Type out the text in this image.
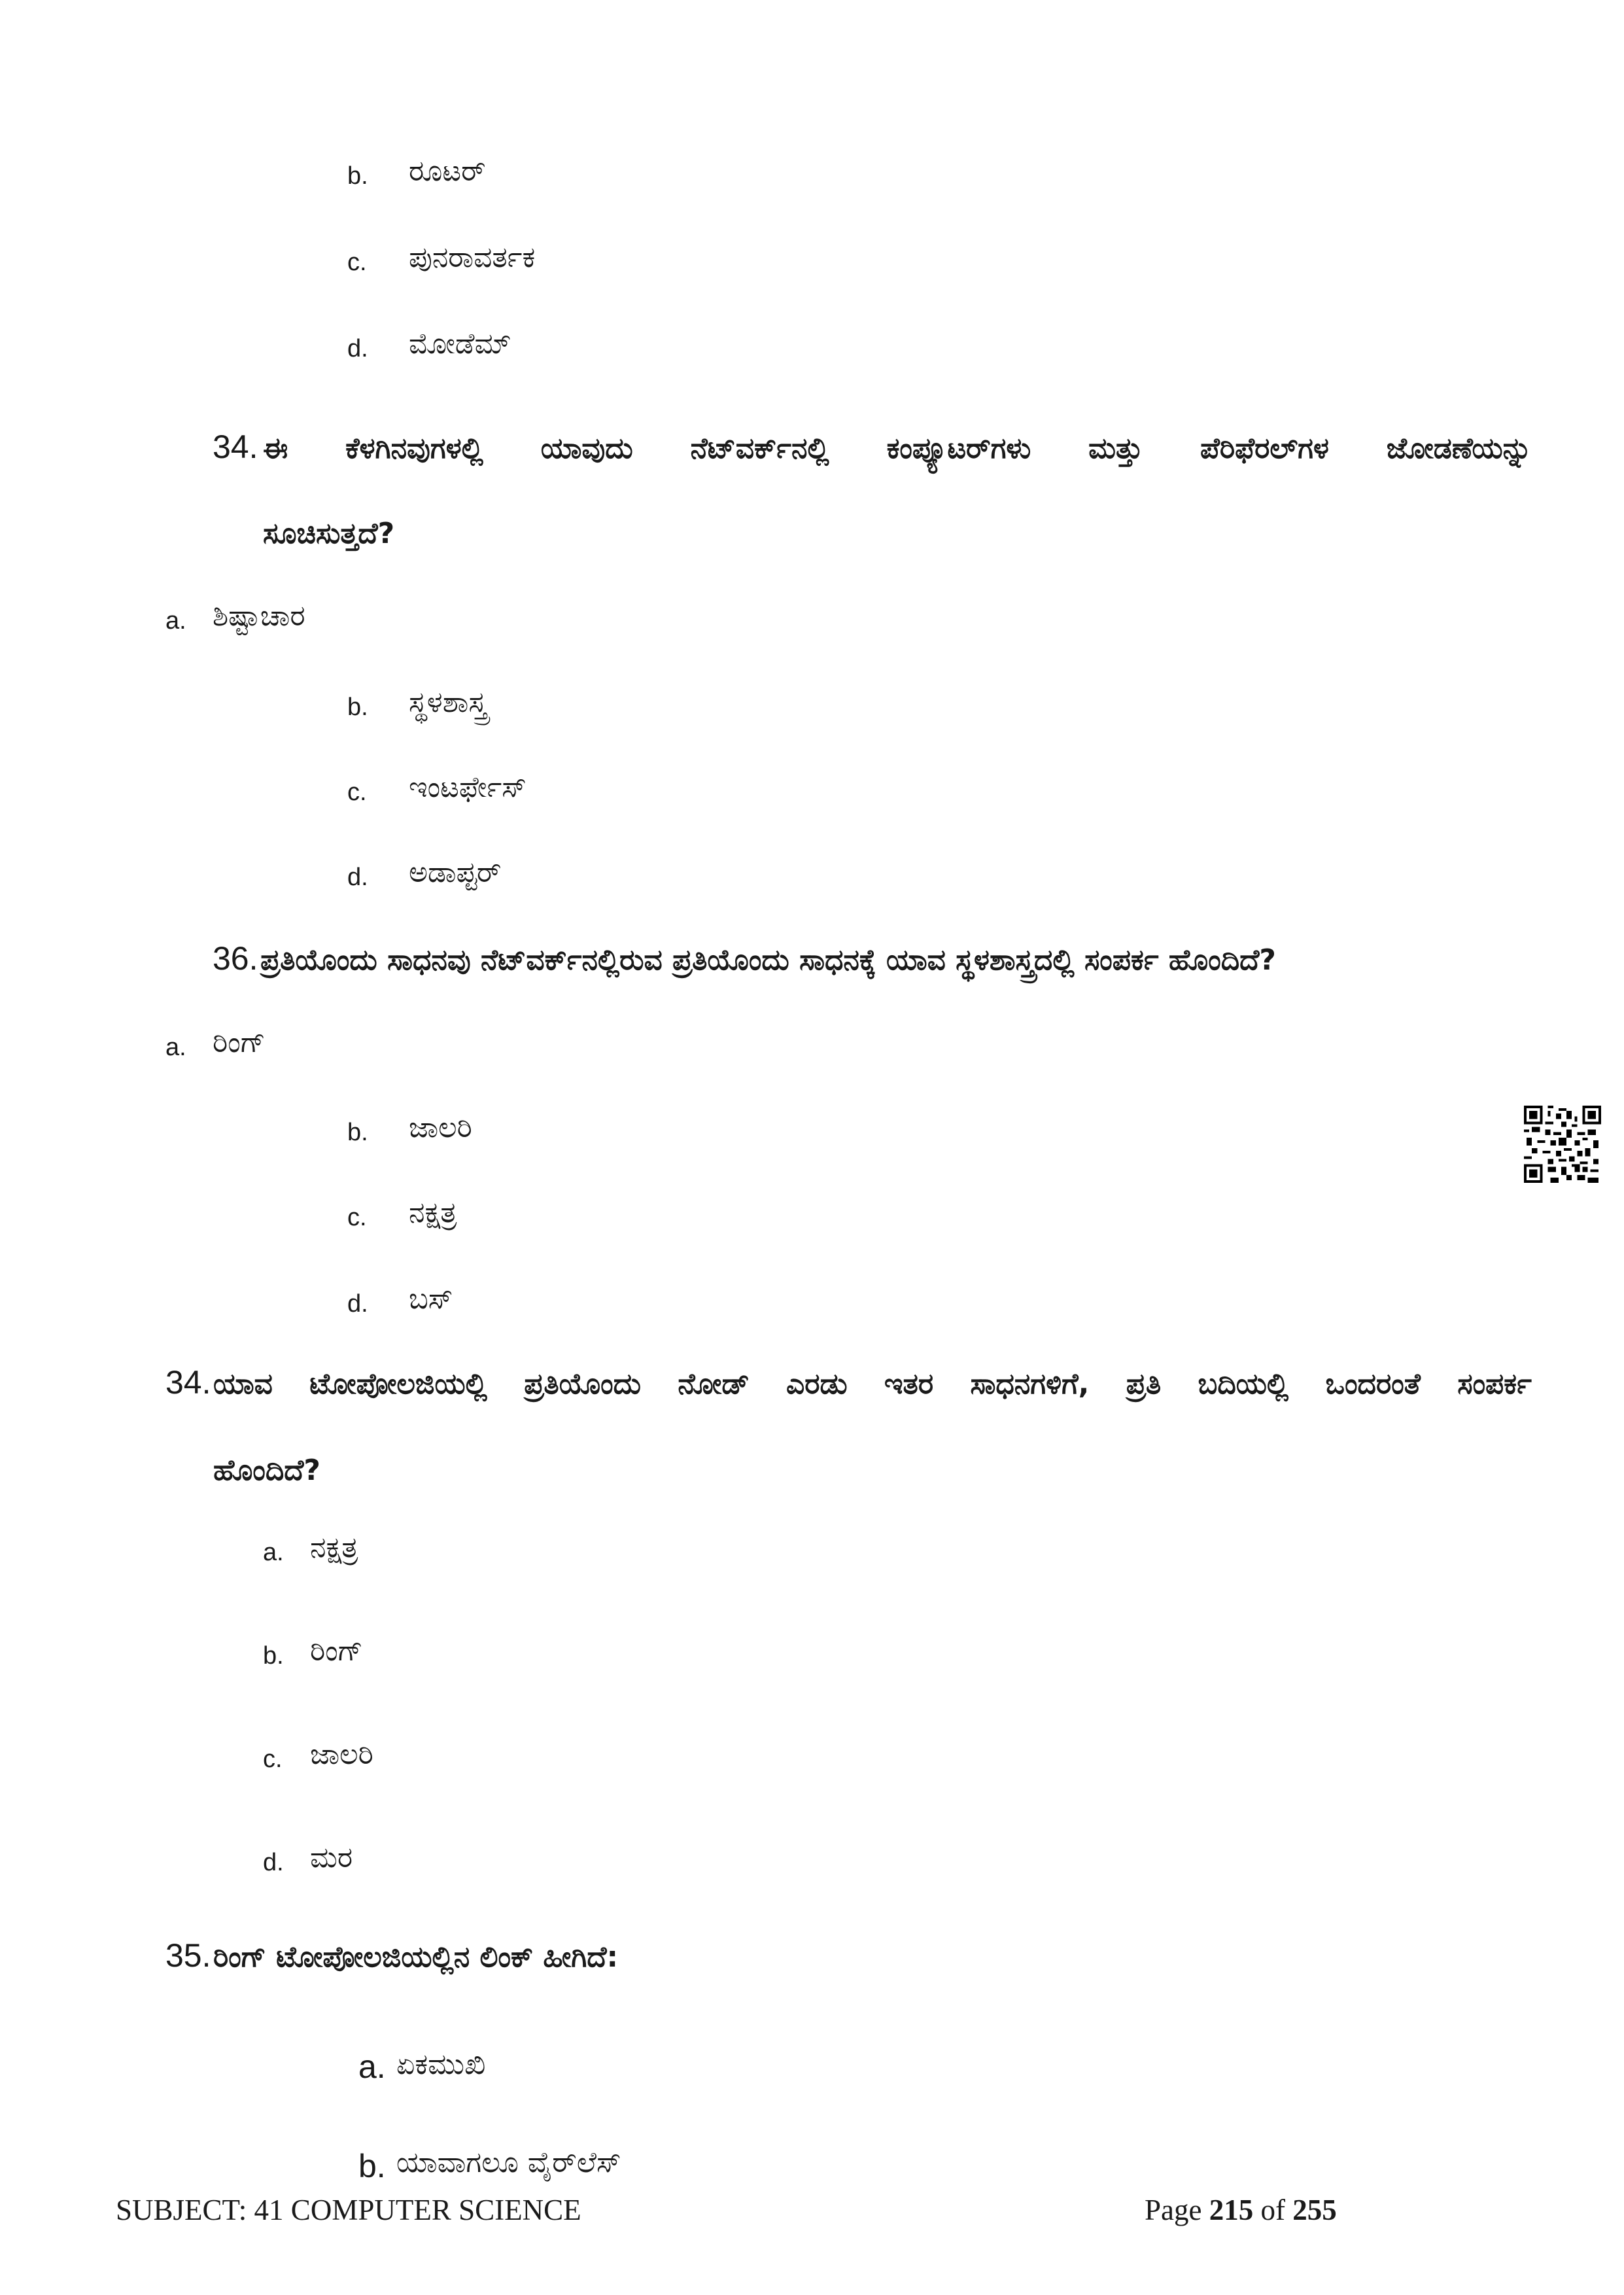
b. ರೂಟರ್
c. ಪುನರಾವರ್ತಕ
d. ಮೋಡೆಮ್
34. ಈ ಕೆಳಗಿನವುಗಳಲ್ಲಿ ಯಾವುದು ನೆಟ್‌ವರ್ಕ್‌ನಲ್ಲಿ ಕಂಪ್ಯೂಟರ್‌ಗಳು ಮತ್ತು ಪೆರಿಫೆರಲ್‌ಗಳ ಜೋಡಣೆಯನ್ನು
ಸೂಚಿಸುತ್ತದೆ?
a. ಶಿಷ್ಟಾಚಾರ
b. ಸ್ಥಳಶಾಸ್ತ್ರ
c. ಇಂಟರ್ಫೇಸ್
d. ಅಡಾಪ್ಟರ್
36. ಪ್ರತಿಯೊಂದು ಸಾಧನವು ನೆಟ್‌ವರ್ಕ್‌ನಲ್ಲಿರುವ ಪ್ರತಿಯೊಂದು ಸಾಧನಕ್ಕೆ ಯಾವ ಸ್ಥಳಶಾಸ್ತ್ರದಲ್ಲಿ ಸಂಪರ್ಕ ಹೊಂದಿದೆ?
a. ರಿಂಗ್
b. ಜಾಲರಿ
c. ನಕ್ಷತ್ರ
d. ಬಸ್
34. ಯಾವ ಟೋಪೋಲಜಿಯಲ್ಲಿ ಪ್ರತಿಯೊಂದು ನೋಡ್ ಎರಡು ಇತರ ಸಾಧನಗಳಿಗೆ, ಪ್ರತಿ ಬದಿಯಲ್ಲಿ ಒಂದರಂತೆ ಸಂಪರ್ಕ
ಹೊಂದಿದೆ?
a. ನಕ್ಷತ್ರ
b. ರಿಂಗ್
c. ಜಾಲರಿ
d. ಮರ
35. ರಿಂಗ್ ಟೋಪೋಲಜಿಯಲ್ಲಿನ ಲಿಂಕ್ ಹೀಗಿದೆ:
a. ಏಕಮುಖಿ
b. ಯಾವಾಗಲೂ ವೈರ್‌ಲೆಸ್
SUBJECT: 41 COMPUTER SCIENCE	Page 215 of 255
